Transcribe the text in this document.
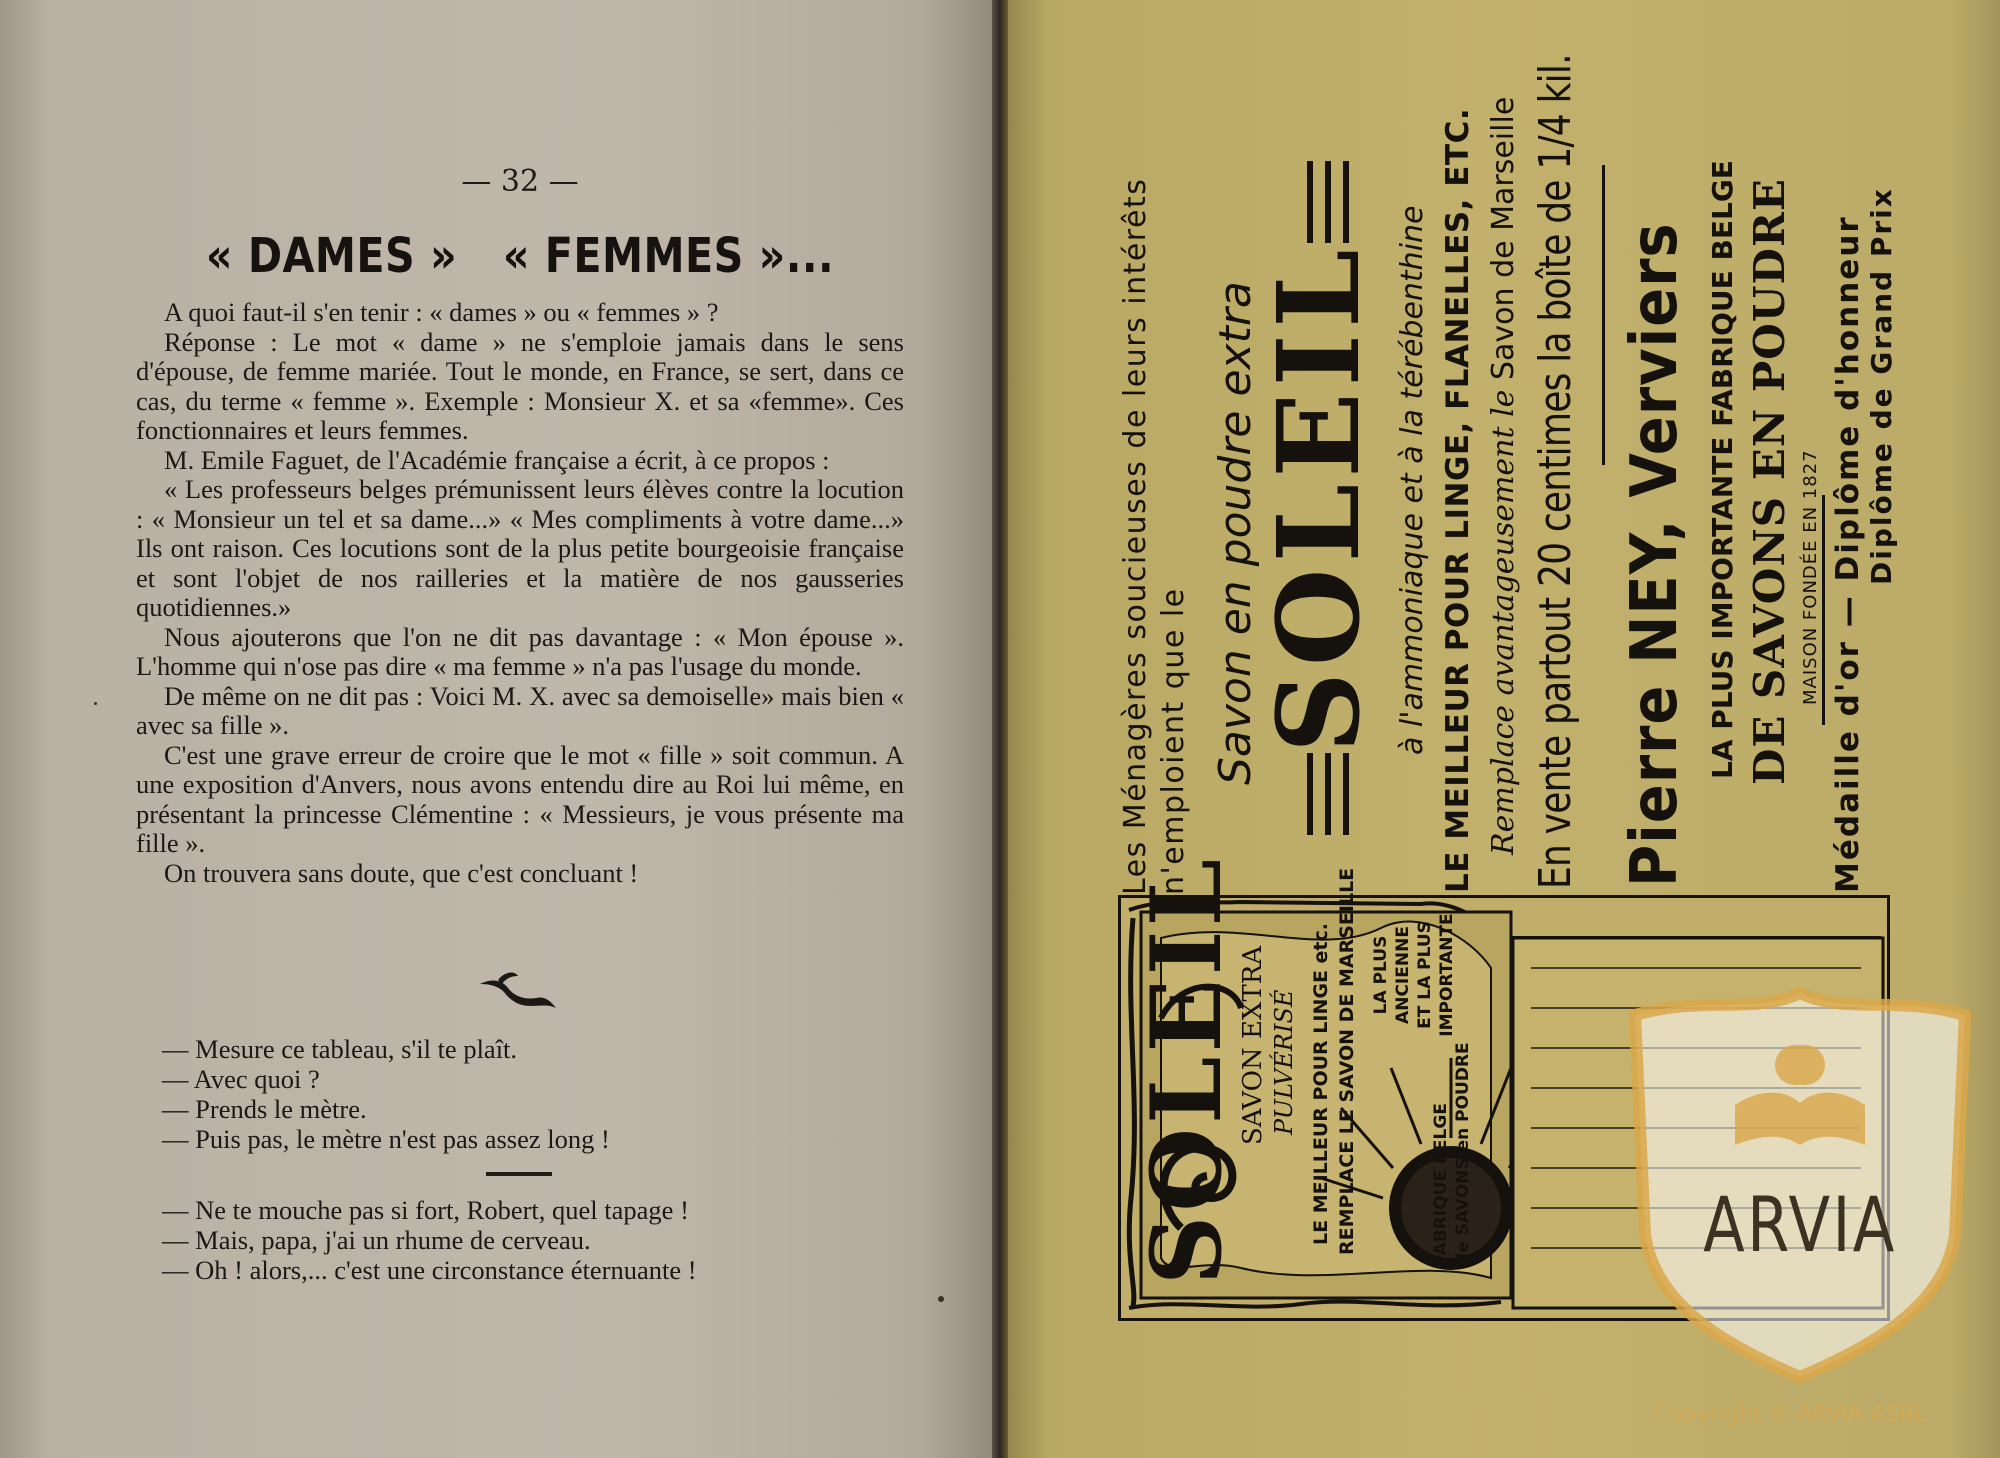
— 32 —
« DAMES » « FEMMES »...

A quoi faut-il s'en tenir : « dames » ou « femmes » ?

Réponse : Le mot « dame » ne s'emploie jamais dans le sens d'épouse, de femme mariée. Tout le monde, en France, se sert, dans ce cas, du terme « femme ». Exemple : Monsieur X. et sa «femme». Ces fonctionnaires et leurs femmes.

M. Emile Faguet, de l'Académie française a écrit, à ce propos :

« Les professeurs belges prémunissent leurs élèves contre la locution : « Monsieur un tel et sa dame...» « Mes compliments à votre dame...» Ils ont raison. Ces locutions sont de la plus petite bourgeoisie française et sont l'objet de nos railleries et la matière de nos gausseries quotidiennes.»

Nous ajouterons que l'on ne dit pas davantage : « Mon épouse ». L'homme qui n'ose pas dire « ma femme » n'a pas l'usage du monde.

De même on ne dit pas : Voici M. X. avec sa demoiselle» mais bien « avec sa fille ».

C'est une grave erreur de croire que le mot « fille » soit commun. A une exposition d'Anvers, nous avons entendu dire au Roi lui même, en présentant la princesse Clémentine : « Messieurs, je vous présente ma fille ».

On trouvera sans doute, que c'est concluant !

— Mesure ce tableau, s'il te plaît.
— Avec quoi ?
— Prends le mètre.
— Puis pas, le mètre n'est pas assez long !
— Ne te mouche pas si fort, Robert, quel tapage !
— Mais, papa, j'ai un rhume de cerveau.
— Oh ! alors,... c'est une circonstance éternuante !
Les Ménagères soucieuses de leurs intérêts n'emploient que le Savon en poudre extra
SOLEIL à l'ammoniaque et à la térébenthine LE MEILLEUR POUR LINGE, FLANELLES, ETC. Remplace avantageusement le Savon de Marseille En vente partout 20 centimes la boîte de 1/4 kil. Pierre NEY, Verviers LA PLUS IMPORTANTE FABRIQUE BELGE DE SAVONS EN POUDRE MAISON FONDÉE EN 1827 Médaille d'or — Diplôme d'honneur Diplôme de Grand Prix
SOLEIL
SAVON EXTRA PULVÉRISÉ LE MEILLEUR POUR LINGE etc. REMPLACE LE SAVON DE MARSEILLE LA PLUS ANCIENNE ET LA PLUS IMPORTANTE
FABRIQUE BELGE de SAVONS en POUDRE	ARVIA
Copyright © ARVIA ASBL
